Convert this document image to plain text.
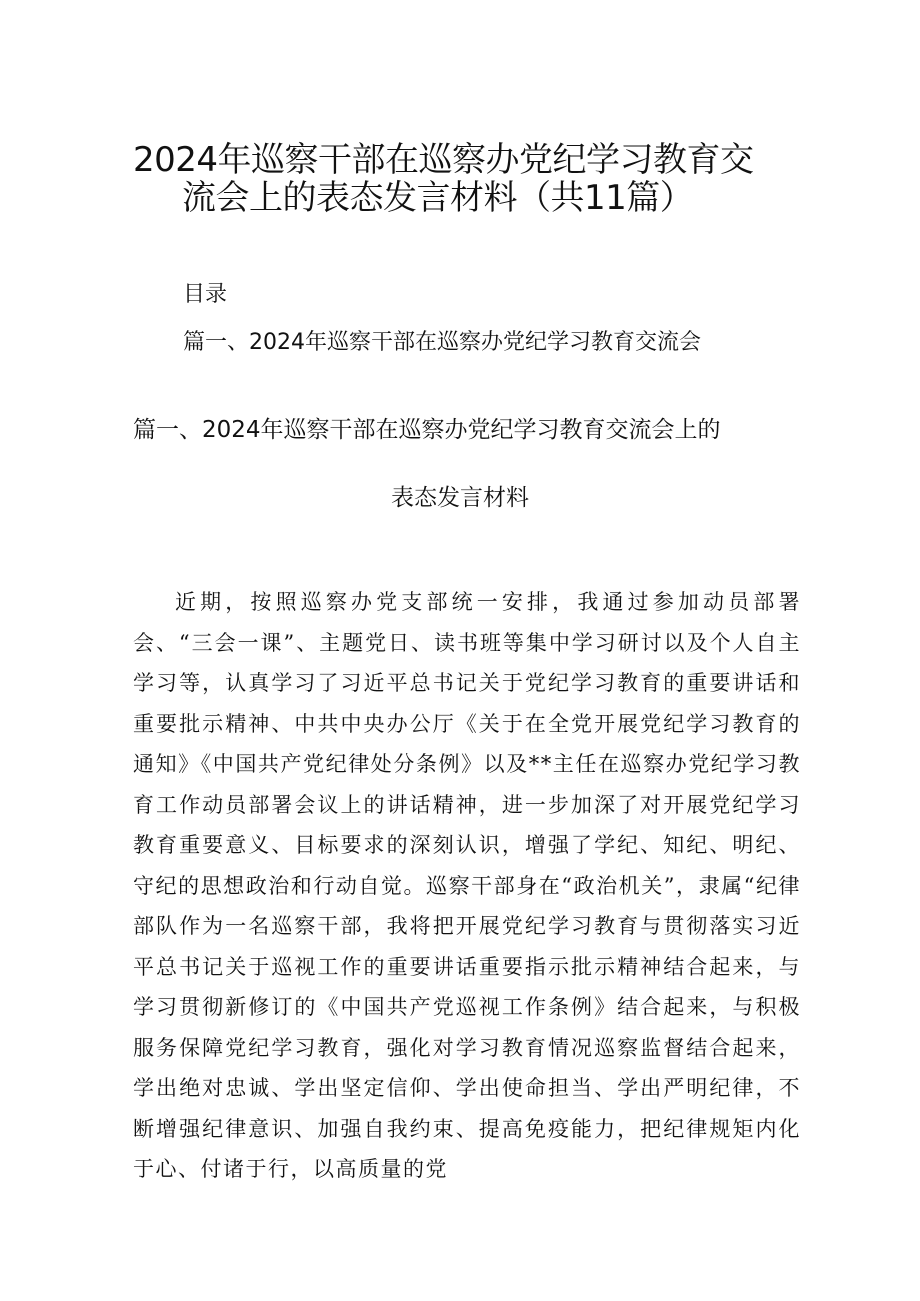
2024年巡察干部在巡察办党纪学习教育交
流会上的表态发言材料（共11篇）
目录
篇一、2024年巡察干部在巡察办党纪学习教育交流会
篇一、2024年巡察干部在巡察办党纪学习教育交流会上的
表态发言材料

近期，按照巡察办党支部统一安排，我通过参加动员部署会、“三会一课”、主题党日、读书班等集中学习研讨以及个人自主学习等，认真学习了习近平总书记关于党纪学习教育的重要讲话和重要批示精神、中共中央办公厅《关于在全党开展党纪学习教育的通知》《中国共产党纪律处分条例》以及**主任在巡察办党纪学习教育工作动员部署会议上的讲话精神，进一步加深了对开展党纪学习教育重要意义、目标要求的深刻认识，增强了学纪、知纪、明纪、守纪的思想政治和行动自觉。巡察干部身在“政治机关”，隶属“纪律部队作为一名巡察干部，我将把开展党纪学习教育与贯彻落实习近平总书记关于巡视工作的重要讲话重要指示批示精神结合起来，与学习贯彻新修订的《中国共产党巡视工作条例》结合起来，与积极服务保障党纪学习教育，强化对学习教育情况巡察监督结合起来，学出绝对忠诚、学出坚定信仰、学出使命担当、学出严明纪律，不断增强纪律意识、加强自我约束、提高免疫能力，把纪律规矩内化于心、付诸于行，以高质量的党
